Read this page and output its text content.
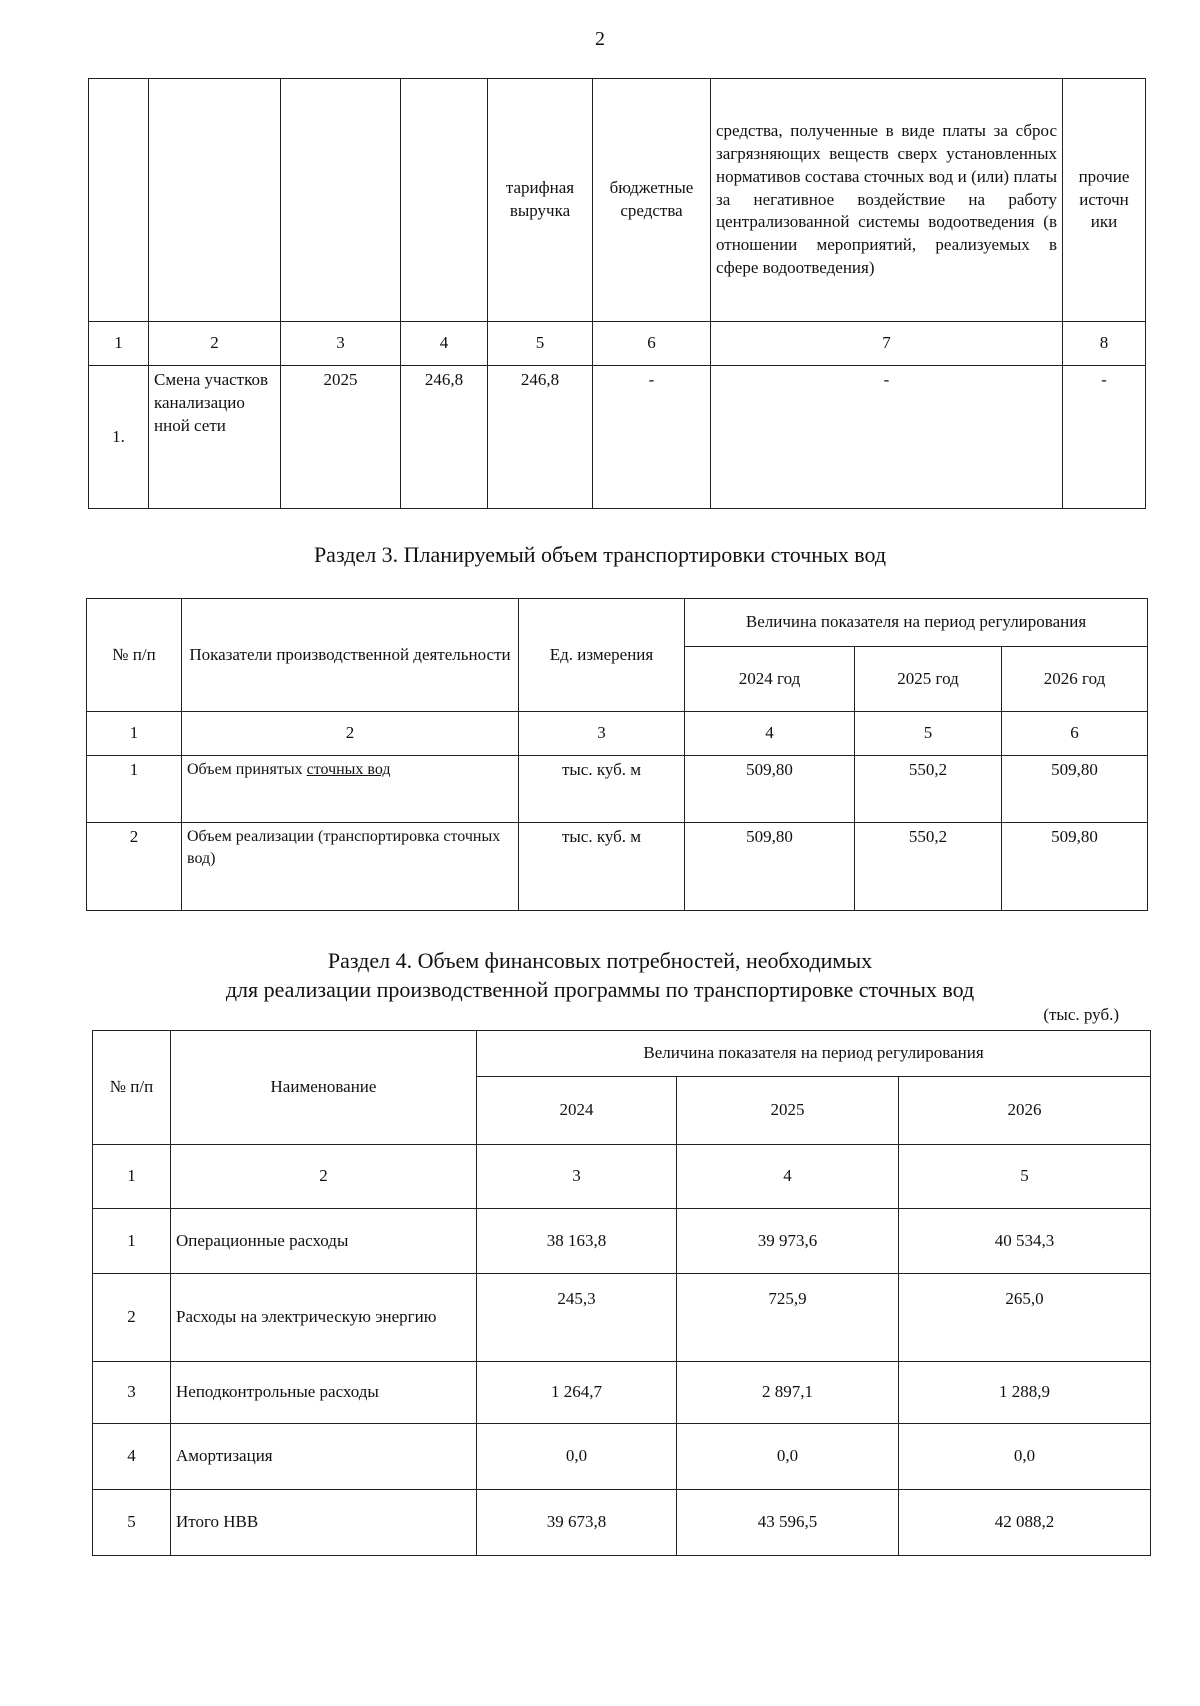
2
				тарифная выручка	бюджетные средства	средства, полученные в виде платы за сброс загрязняющих веществ сверх установленных нормативов состава сточных вод и (или) платы за негативное воздействие на работу централизованной системы водоотведения (в отношении мероприятий, реализуемых в сфере водоотведения)	прочие источн ики
1	2	3	4	5	6	7	8
1.	Смена участков канализацио нной сети	2025	246,8	246,8	-	-	-
Раздел 3. Планируемый объем транспортировки сточных вод
№ п/п	Показатели производственной деятельности	Ед. измерения	Величина показателя на период регулирования		
			2024 год	2025 год	2026 год
1	2	3	4	5	6
1	Объем принятых сточных вод	тыс. куб. м	509,80	550,2	509,80
2	Объем реализации (транспортировка сточных вод)	тыс. куб. м	509,80	550,2	509,80
Раздел 4. Объем финансовых потребностей, необходимых
для реализации производственной программы по транспортировке сточных вод
(тыс. руб.)
№ п/п	Наименование	Величина показателя на период регулирования		
		2024	2025	2026
1	2	3	4	5
1	Операционные расходы	38 163,8	39 973,6	40 534,3
2	Расходы на электрическую энергию	245,3	725,9	265,0
3	Неподконтрольные расходы	1 264,7	2 897,1	1 288,9
4	Амортизация	0,0	0,0	0,0
5	Итого НВВ	39 673,8	43 596,5	42 088,2
